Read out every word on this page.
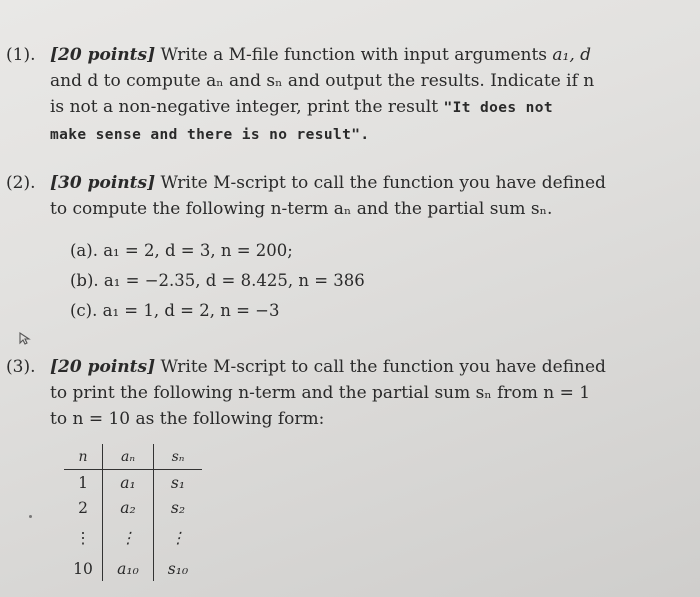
(1). [20 points] Write a M-file function with input arguments a₁, d
and d to compute aₙ and sₙ and output the results. Indicate if n
is not a non-negative integer, print the result "It does not
make sense and there is no result".
(2). [30 points] Write M-script to call the function you have defined
to compute the following n-term aₙ and the partial sum sₙ.
(a). a₁ = 2, d = 3, n = 200;
(b). a₁ = −2.35, d = 8.425, n = 386
(c). a₁ = 1, d = 2, n = −3
(3). [20 points] Write M-script to call the function you have defined
to print the following n-term and the partial sum sₙ from n = 1
to n = 10 as the following form:
n	aₙ	sₙ
1	a₁	s₁
2	a₂	s₂
⋮	⋮	⋮
10	a₁₀	s₁₀
